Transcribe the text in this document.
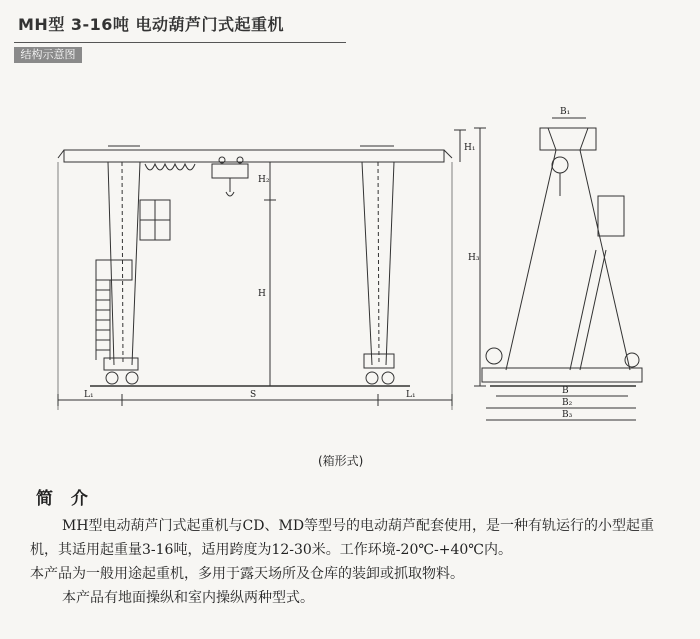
MH型 3-16吨 电动葫芦门式起重机
结构示意图
S
L₁	L₁
H
H₁
H₂
B₁
B
B₂
B₃
H₃
(箱形式)
简 介

MH型电动葫芦门式起重机与CD、MD等型号的电动葫芦配套使用，是一种有轨运行的小型起重机，其适用起重量3-16吨，适用跨度为12-30米。工作环境-20℃-+40℃内。

本产品为一般用途起重机，多用于露天场所及仓库的装卸或抓取物料。

本产品有地面操纵和室内操纵两种型式。
